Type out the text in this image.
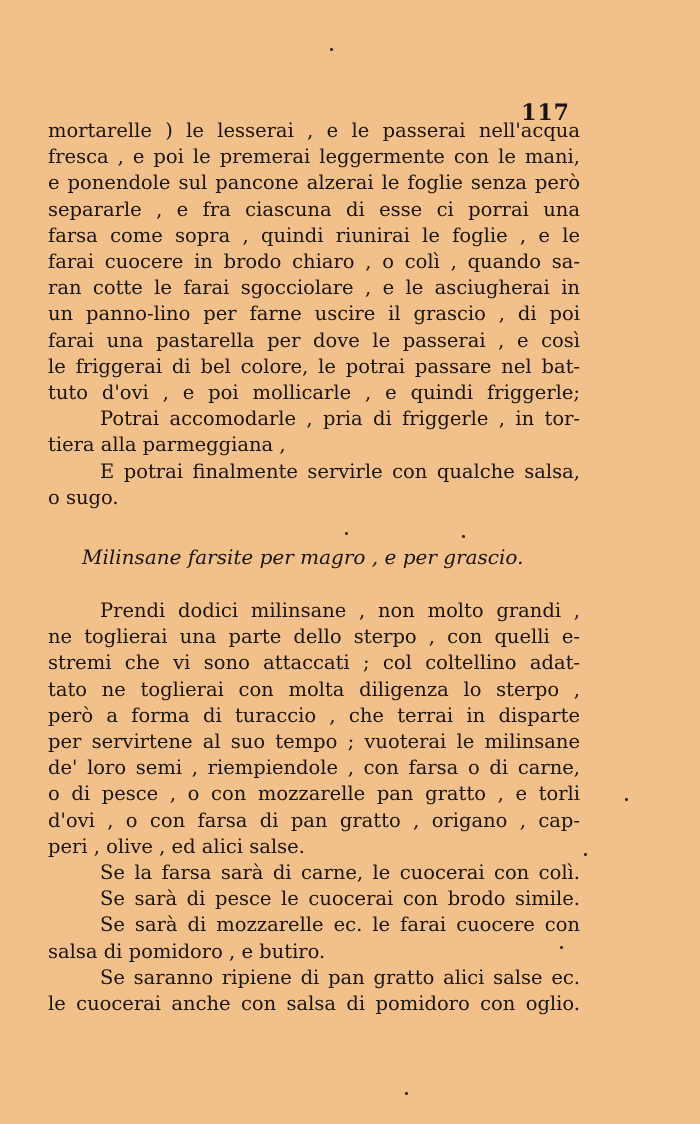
117
mortarelle ) le lesserai , e le passerai nell'acqua
fresca , e poi le premerai leggermente con le mani,
e ponendole sul pancone alzerai le foglie senza però
separarle , e fra ciascuna di esse ci porrai una
farsa come sopra , quindi riunirai le foglie , e le
farai cuocere in brodo chiaro , o colì , quando sa-
ran cotte le farai sgocciolare , e le asciugherai in
un panno-lino per farne uscire il grascio , di poi
farai una pastarella per dove le passerai , e così
le friggerai di bel colore, le potrai passare nel bat-
tuto d'ovi , e poi mollicarle , e quindi friggerle;
Potrai accomodarle , pria di friggerle , in tor-
tiera alla parmeggiana ,
E potrai finalmente servirle con qualche salsa,
o sugo.
Milinsane farsite per magro , e per grascio.
Prendi dodici milinsane , non molto grandi ,
ne toglierai una parte dello sterpo , con quelli e-
stremi che vi sono attaccati ; col coltellino adat-
tato ne toglierai con molta diligenza lo sterpo ,
però a forma di turaccio , che terrai in disparte
per servirtene al suo tempo ; vuoterai le milinsane
de' loro semi , riempiendole , con farsa o di carne,
o di pesce , o con mozzarelle pan gratto , e torli
d'ovi , o con farsa di pan gratto , origano , cap-
peri , olive , ed alici salse.
Se la farsa sarà di carne, le cuocerai con colì.
Se sarà di pesce le cuocerai con brodo simile.
Se sarà di mozzarelle ec. le farai cuocere con
salsa di pomidoro , e butiro.
Se saranno ripiene di pan gratto alici salse ec.
le cuocerai anche con salsa di pomidoro con oglio.
